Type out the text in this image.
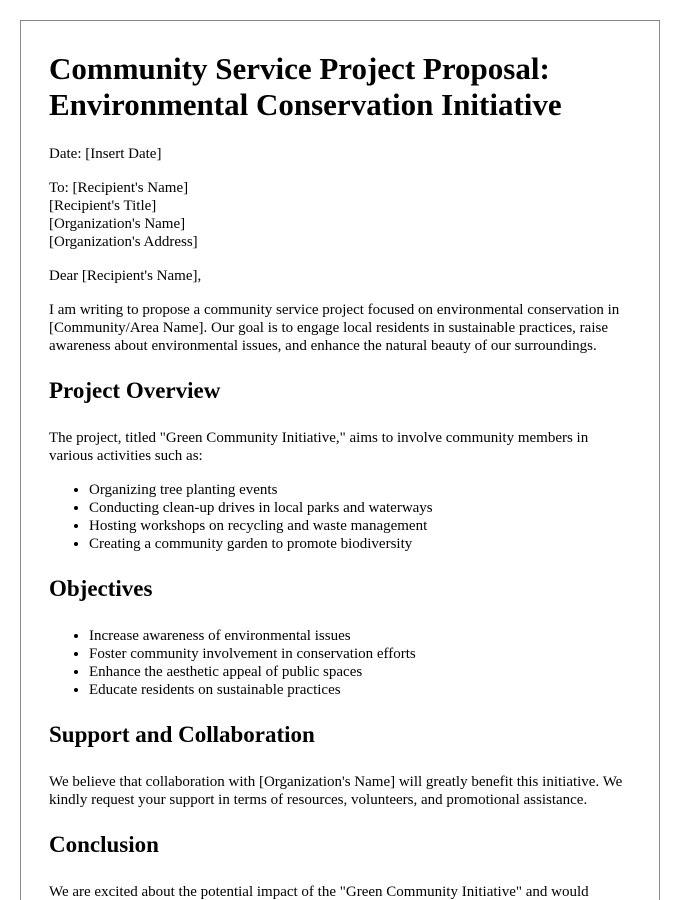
Community Service Project Proposal:
Environmental Conservation Initiative

Date: [Insert Date]

To: [Recipient's Name]
[Recipient's Title]
[Organization's Name]
[Organization's Address]

Dear [Recipient's Name],

I am writing to propose a community service project focused on environmental conservation in [Community/Area Name]. Our goal is to engage local residents in sustainable practices, raise awareness about environmental issues, and enhance the natural beauty of our surroundings.

Project Overview

The project, titled "Green Community Initiative," aims to involve community members in various activities such as:

• Organizing tree planting events
• Conducting clean-up drives in local parks and waterways
• Hosting workshops on recycling and waste management
• Creating a community garden to promote biodiversity
Objectives
• Increase awareness of environmental issues
• Foster community involvement in conservation efforts
• Enhance the aesthetic appeal of public spaces
• Educate residents on sustainable practices
Support and Collaboration

We believe that collaboration with [Organization's Name] will greatly benefit this initiative. We kindly request your support in terms of resources, volunteers, and promotional assistance.

Conclusion

We are excited about the potential impact of the "Green Community Initiative" and would
